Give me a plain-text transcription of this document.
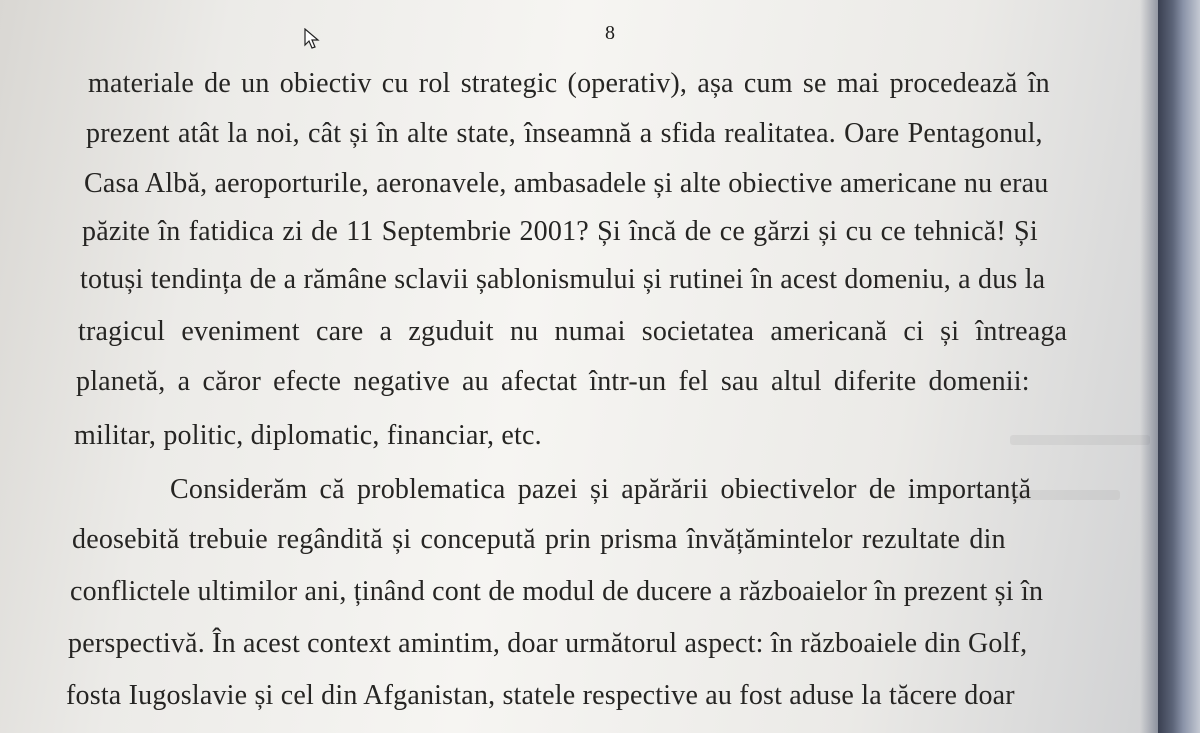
8
materiale de un obiectiv cu rol strategic (operativ), așa cum se mai procedează în
prezent atât la noi, cât și în alte state, înseamnă a sfida realitatea. Oare Pentagonul,
Casa Albă, aeroporturile, aeronavele, ambasadele și alte obiective americane nu erau
păzite în fatidica zi de 11 Septembrie 2001? Și încă de ce gărzi și cu ce tehnică! Și
totuși tendința de a rămâne sclavii șablonismului și rutinei în acest domeniu, a dus la
tragicul eveniment care a zguduit nu numai societatea americană ci și întreaga
planetă, a căror efecte negative au afectat într-un fel sau altul diferite domenii:
militar, politic, diplomatic, financiar, etc.
Considerăm că problematica pazei și apărării obiectivelor de importanță
deosebită trebuie regândită și concepută prin prisma învățămintelor rezultate din
conflictele ultimilor ani, ținând cont de modul de ducere a războaielor în prezent și în
perspectivă. În acest context amintim, doar următorul aspect: în războaiele din Golf,
fosta Iugoslavie și cel din Afganistan, statele respective au fost aduse la tăcere doar
